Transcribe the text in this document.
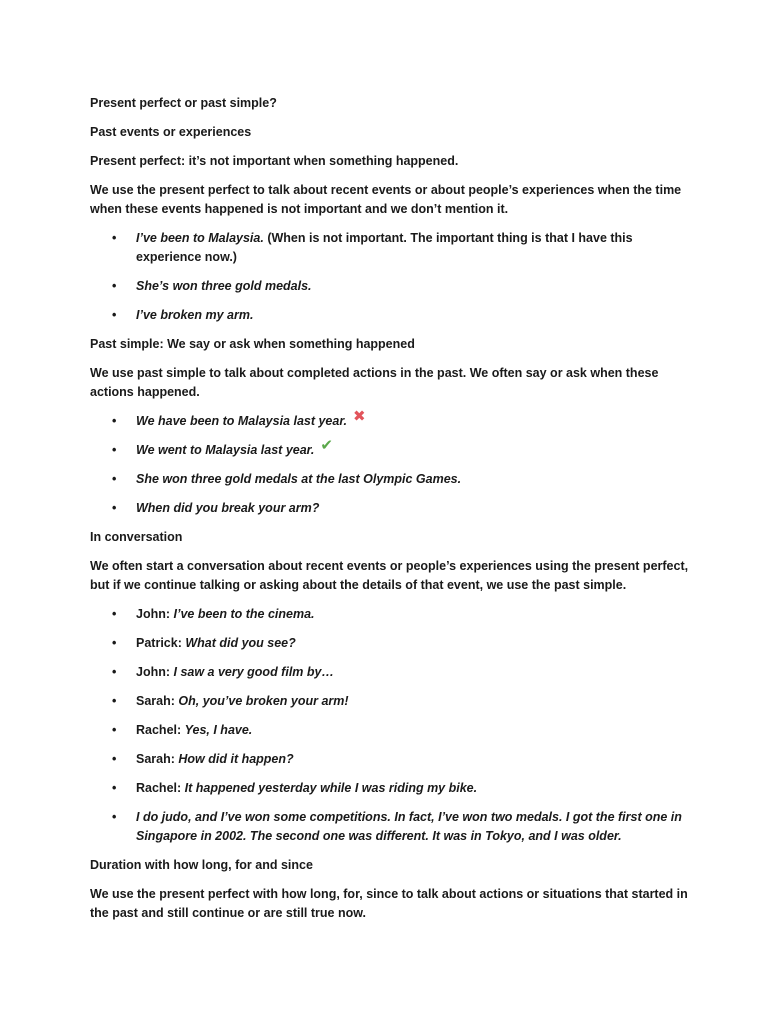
Present perfect or past simple?

Past events or experiences

Present perfect: it’s not important when something happened.

We use the present perfect to talk about recent events or about people’s experiences when the time when these events happened is not important and we don’t mention it.

• I’ve been to Malaysia. (When is not important. The important thing is that I have this experience now.)
• She’s won three gold medals.
• I’ve broken my arm.

Past simple: We say or ask when something happened

We use past simple to talk about completed actions in the past. We often say or ask when these actions happened.

• We have been to Malaysia last year. ✖
• We went to Malaysia last year. ✔
• She won three gold medals at the last Olympic Games.
• When did you break your arm?

In conversation

We often start a conversation about recent events or people’s experiences using the present perfect, but if we continue talking or asking about the details of that event, we use the past simple.

• John: I’ve been to the cinema.
• Patrick: What did you see?
• John: I saw a very good film by…
• Sarah: Oh, you’ve broken your arm!
• Rachel: Yes, I have.
• Sarah: How did it happen?
• Rachel: It happened yesterday while I was riding my bike.
• I do judo, and I’ve won some competitions. In fact, I’ve won two medals. I got the first one in Singapore in 2002. The second one was different. It was in Tokyo, and I was older.

Duration with how long, for and since

We use the present perfect with how long, for, since to talk about actions or situations that started in the past and still continue or are still true now.
